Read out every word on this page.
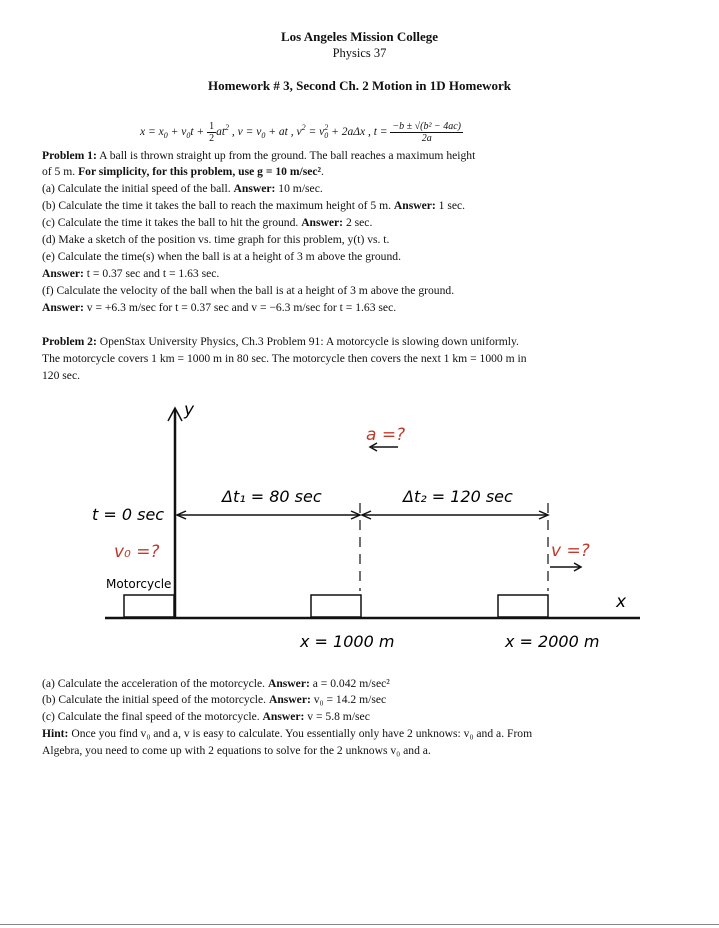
Los Angeles Mission College
Physics 37
Homework # 3, Second Ch. 2 Motion in 1D Homework
$x = x_0 + v_0t + \frac{1}{2} at^2$ , $v = v_0$ + at , $v^2 = v_0^2 + 2a\Delta x$ , $t = \frac{\text{−b ± √(b² − 4ac)}}{2a}$
Problem 1: A ball is thrown straight up from the ground. The ball reaches a maximum height
of 5 m. For simplicity, for this problem, use g = 10 m/sec².
(a) Calculate the initial speed of the ball. Answer: 10 m/sec.
(b) Calculate the time it takes the ball to reach the maximum height of 5 m. Answer: 1 sec.
(c) Calculate the time it takes the ball to hit the ground. Answer: 2 sec.
(d) Make a sketch of the position vs. time graph for this problem, y(t) vs. t.
(e) Calculate the time(s) when the ball is at a height of 3 m above the ground.
Answer: t = 0.37 sec and t = 1.63 sec.
(f) Calculate the velocity of the ball when the ball is at a height of 3 m above the ground.
Answer: v = +6.3 m/sec for t = 0.37 sec and v = −6.3 m/sec for t = 1.63 sec.
Problem 2: OpenStax University Physics, Ch.3 Problem 91: A motorcycle is slowing down uniformly.
The motorcycle covers 1 km = 1000 m in 80 sec. The motorcycle then covers the next 1 km = 1000 m in
120 sec.
y
a =?
Δt₁ = 80 sec	Δt₂ = 120 sec
t = 0 sec
v₀ =?
Motorcycle
v =?
x
x = 1000 m	x = 2000 m
(a) Calculate the acceleration of the motorcycle. Answer: a = 0.042 m/sec²
(b) Calculate the initial speed of the motorcycle. Answer: v₀ = 14.2 m/sec
(c) Calculate the final speed of the motorcycle. Answer: v = 5.8 m/sec
Hint: Once you find v₀ and a, v is easy to calculate. You essentially only have 2 unknows: v₀ and a. From
Algebra, you need to come up with 2 equations to solve for the 2 unknows v₀ and a.
